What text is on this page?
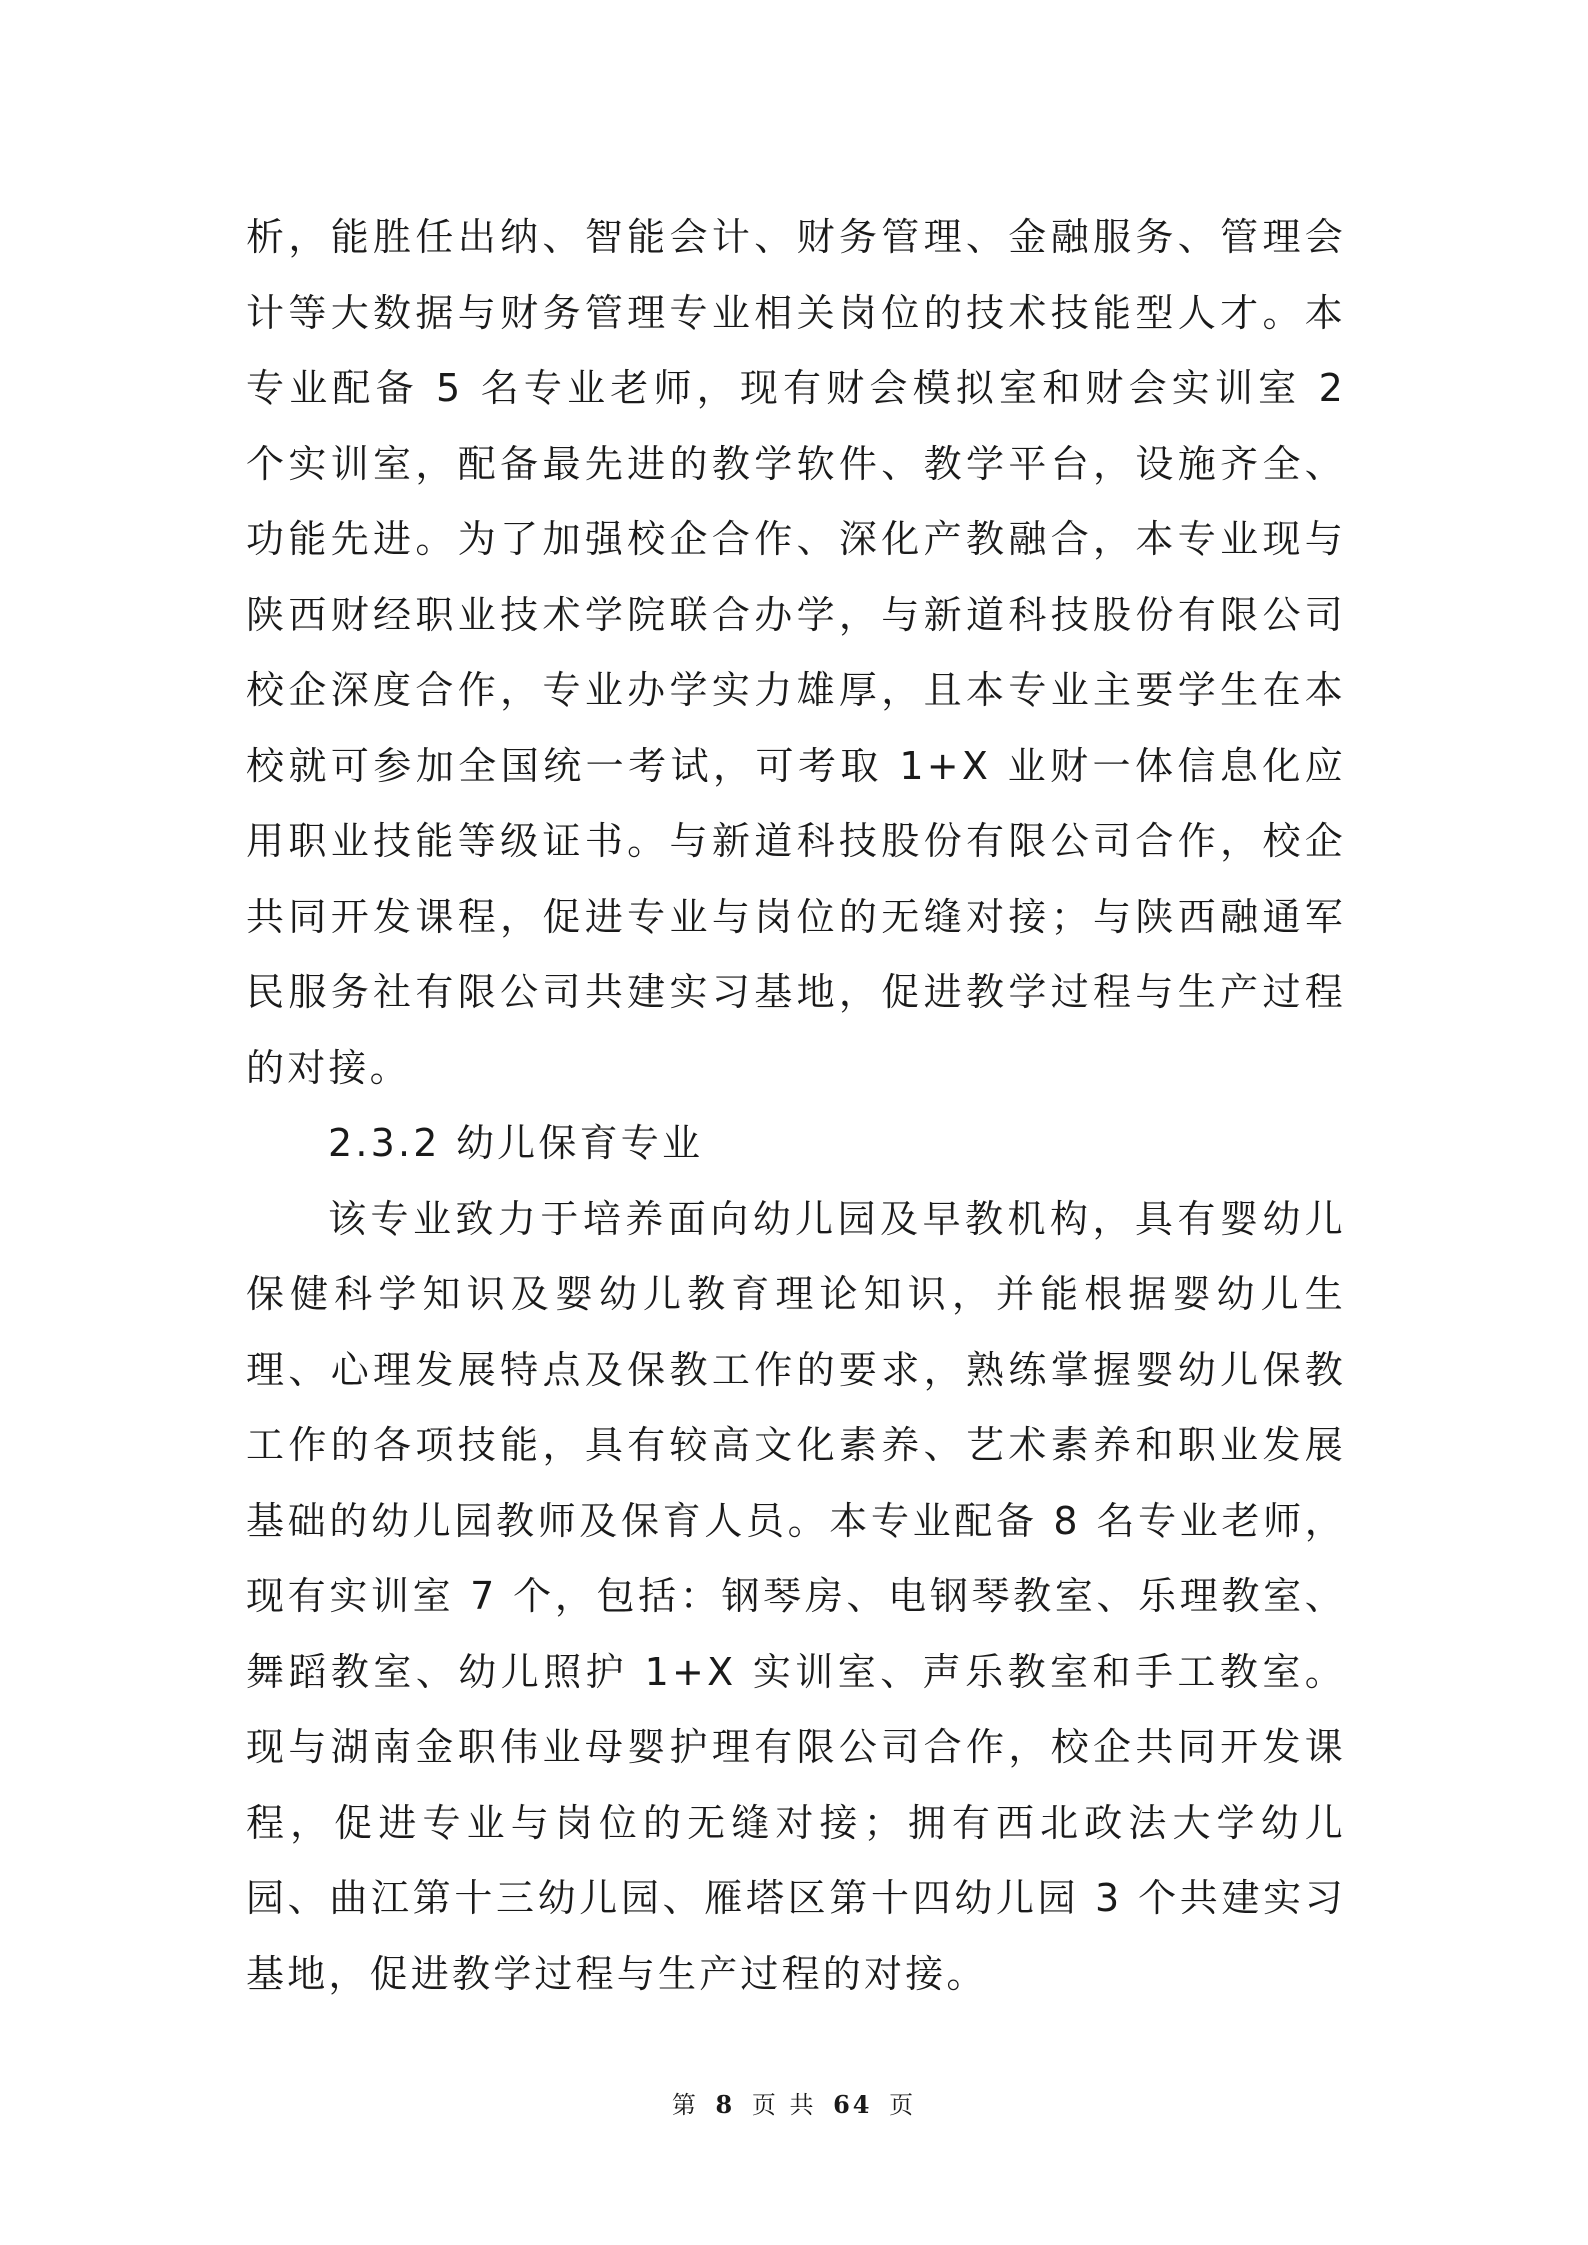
析，能胜任出纳、智能会计、财务管理、金融服务、管理会计等大数据与财务管理专业相关岗位的技术技能型人才。本专业配备 5 名专业老师，现有财会模拟室和财会实训室 2 个实训室，配备最先进的教学软件、教学平台，设施齐全、功能先进。为了加强校企合作、深化产教融合，本专业现与陕西财经职业技术学院联合办学，与新道科技股份有限公司校企深度合作，专业办学实力雄厚，且本专业主要学生在本校就可参加全国统一考试，可考取 1+X 业财一体信息化应用职业技能等级证书。与新道科技股份有限公司合作，校企共同开发课程，促进专业与岗位的无缝对接；与陕西融通军民服务社有限公司共建实习基地，促进教学过程与生产过程的对接。

2.3.2 幼儿保育专业

该专业致力于培养面向幼儿园及早教机构，具有婴幼儿保健科学知识及婴幼儿教育理论知识，并能根据婴幼儿生理、心理发展特点及保教工作的要求，熟练掌握婴幼儿保教工作的各项技能，具有较高文化素养、艺术素养和职业发展基础的幼儿园教师及保育人员。本专业配备 8 名专业老师，现有实训室 7 个，包括：钢琴房、电钢琴教室、乐理教室、舞蹈教室、幼儿照护 1+X 实训室、声乐教室和手工教室。现与湖南金职伟业母婴护理有限公司合作，校企共同开发课程，促进专业与岗位的无缝对接；拥有西北政法大学幼儿园、曲江第十三幼儿园、雁塔区第十四幼儿园 3 个共建实习基地，促进教学过程与生产过程的对接。

第 8 页 共 64 页
